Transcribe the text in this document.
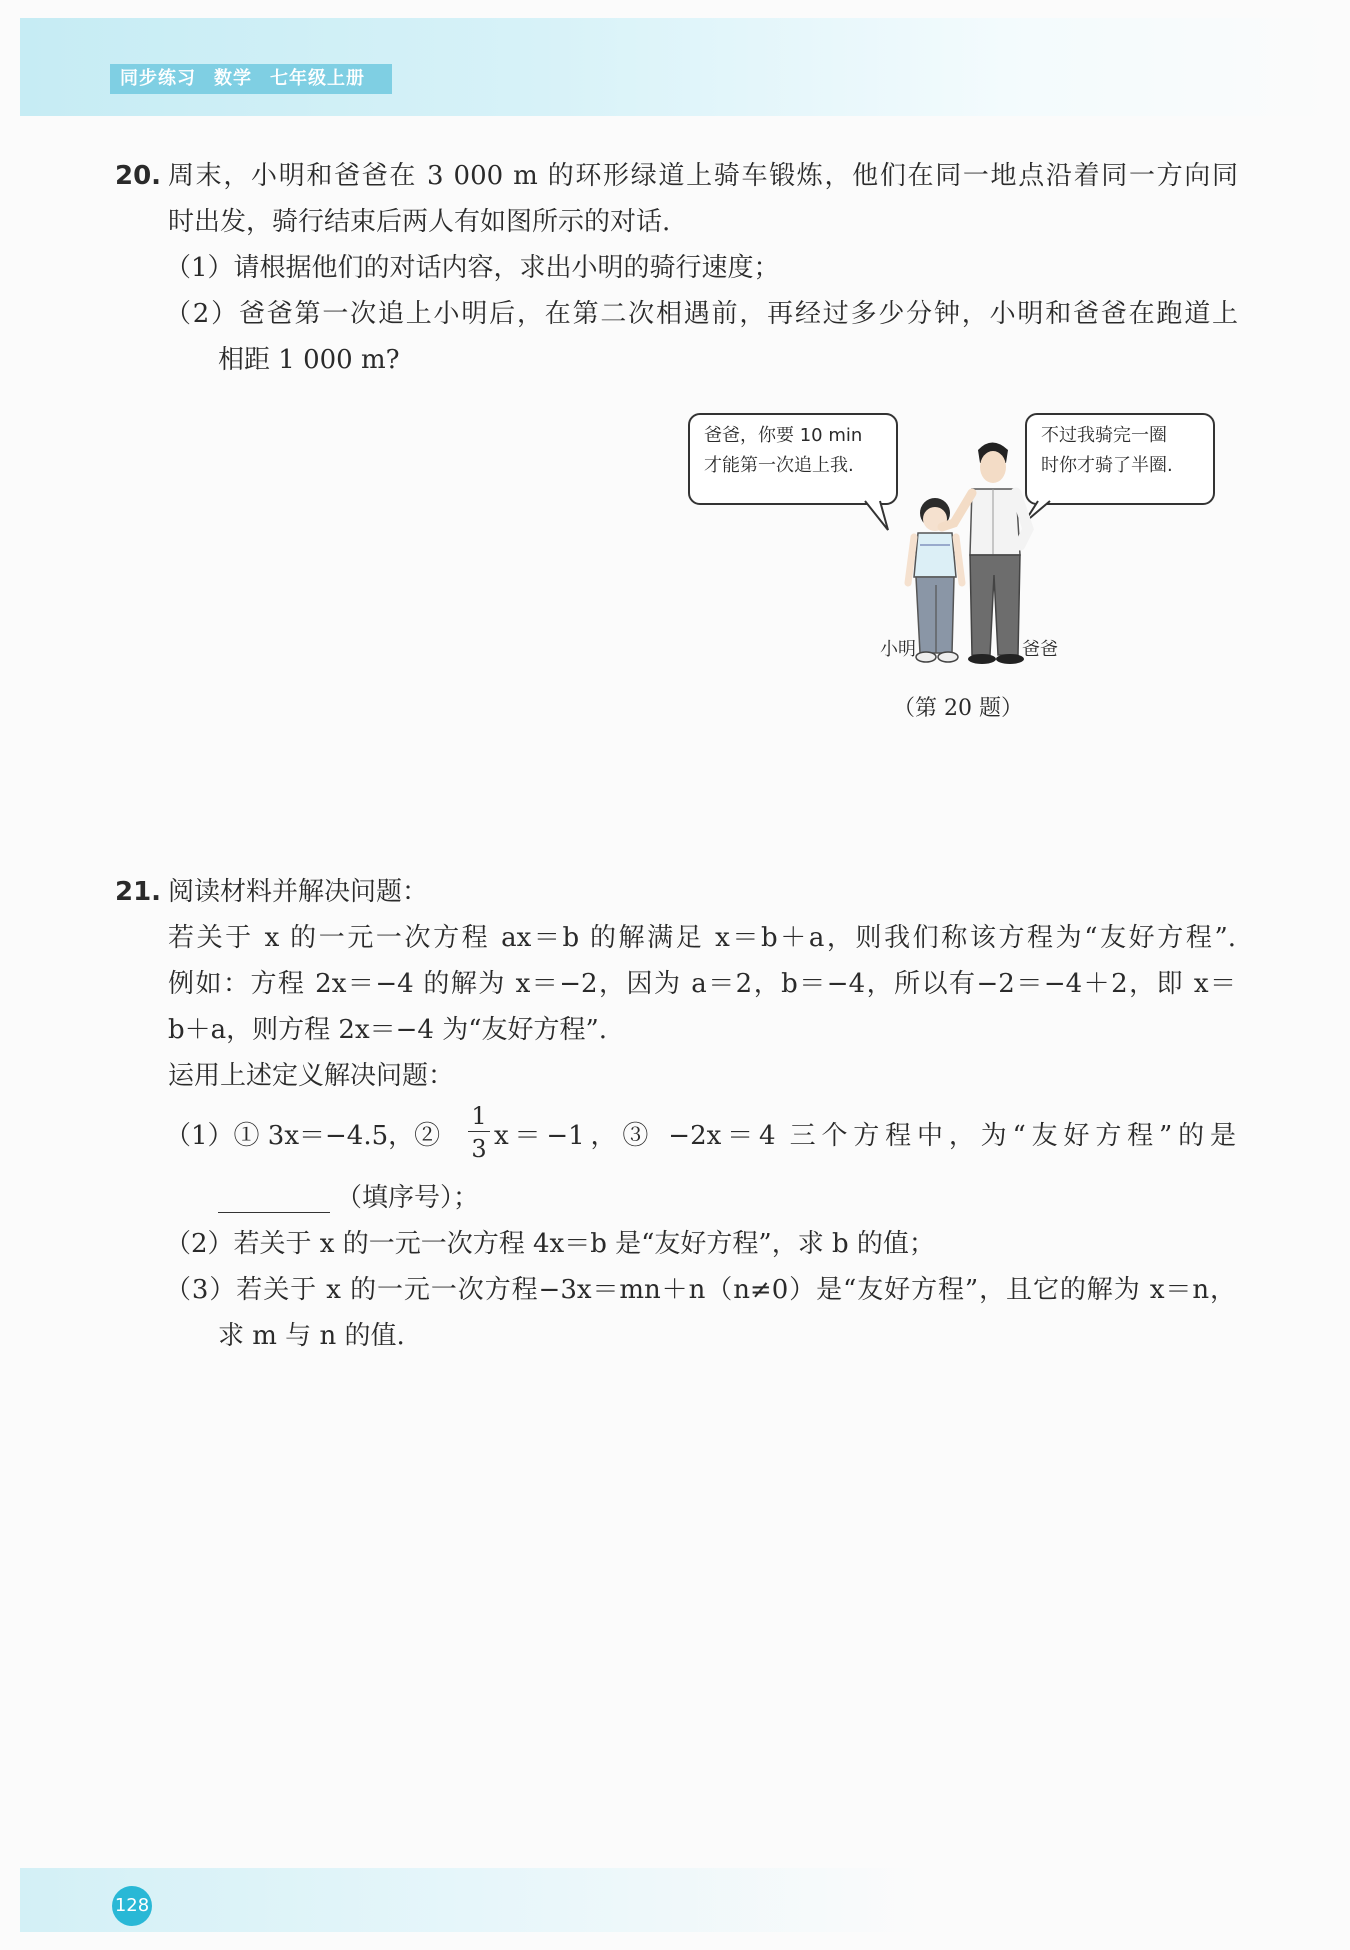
同步练习 数学 七年级上册
20. 周末，小明和爸爸在 3 000 m 的环形绿道上骑车锻炼，他们在同一地点沿着同一方向同
时出发，骑行结束后两人有如图所示的对话.
（1）请根据他们的对话内容，求出小明的骑行速度；
（2）爸爸第一次追上小明后，在第二次相遇前，再经过多少分钟，小明和爸爸在跑道上
相距 1 000 m?
爸爸，你要 10 min
才能第一次追上我.
不过我骑完一圈
时你才骑了半圈.
小明	爸爸
（第 20 题）
21. 阅读材料并解决问题：
若关于 x 的一元一次方程 ax＝b 的解满足 x＝b＋a，则我们称该方程为“友好方程”.
例如：方程 2x＝−4 的解为 x＝−2，因为 a＝2，b＝−4，所以有−2＝−4＋2，即 x＝
b＋a，则方程 2x＝−4 为“友好方程”.
运用上述定义解决问题：
（1）① 3x＝−4.5，②
1
3 x＝−1，③ −2x＝4 三个方程中，为“友好方程”的是
（填序号）；
（2）若关于 x 的一元一次方程 4x＝b 是“友好方程”，求 b 的值；
（3）若关于 x 的一元一次方程−3x＝mn＋n（n≠0）是“友好方程”，且它的解为 x＝n，
求 m 与 n 的值.
128
